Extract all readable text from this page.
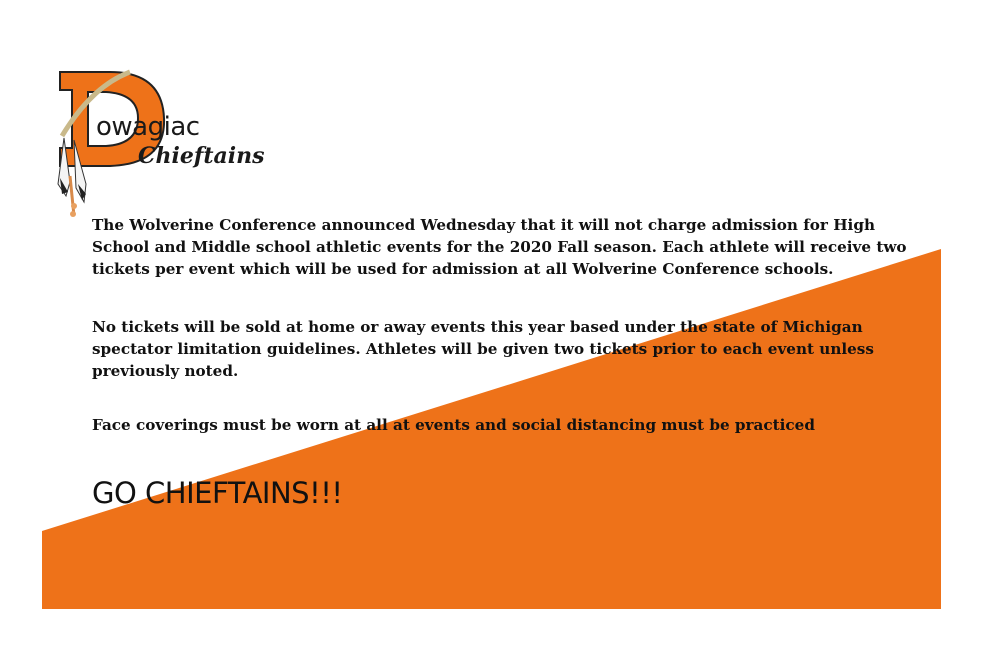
owagiac
Chieftains

The Wolverine Conference announced Wednesday that it will not charge admission for High School and Middle school athletic events for the 2020 Fall season. Each athlete will receive two tickets per event which will be used for admission at all Wolverine Conference schools.

No tickets will be sold at home or away events this year based under the state of Michigan spectator limitation guidelines. Athletes will be given two tickets prior to each event unless previously noted.

Face coverings must be worn at all at events and social distancing must be practiced

GO CHIEFTAINS!!!
